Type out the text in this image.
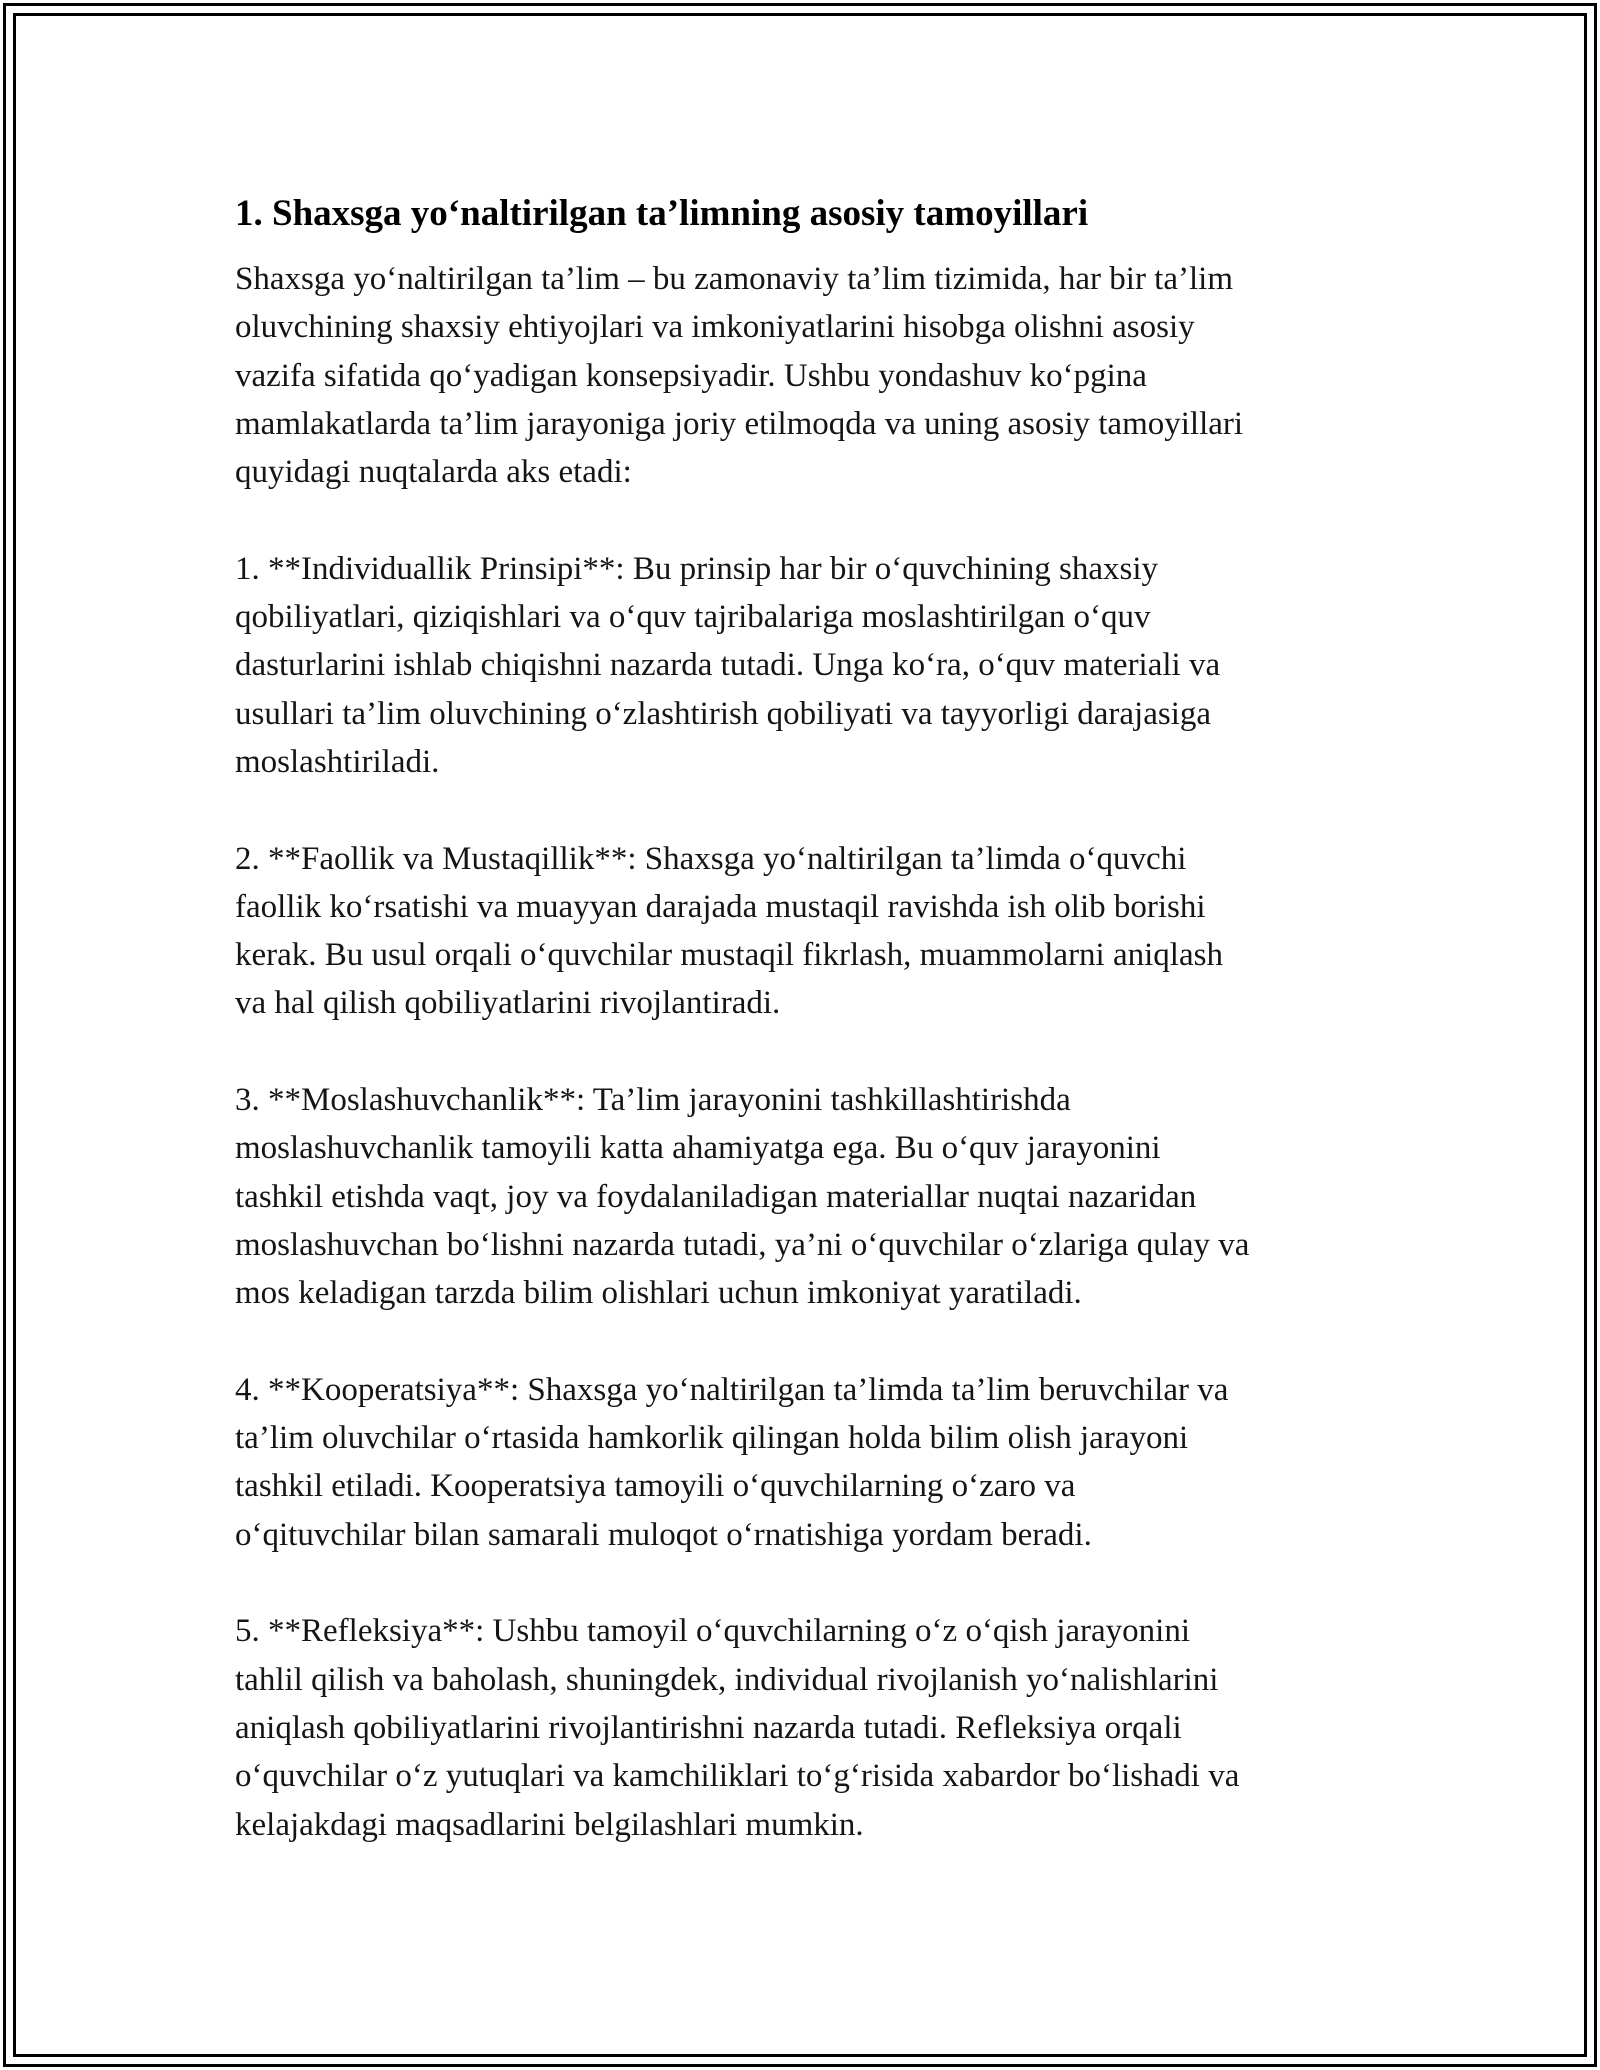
1. Shaxsga yo‘naltirilgan ta’limning asosiy tamoyillari

Shaxsga yo‘naltirilgan ta’lim – bu zamonaviy ta’lim tizimida, har bir ta’lim
oluvchining shaxsiy ehtiyojlari va imkoniyatlarini hisobga olishni asosiy
vazifa sifatida qo‘yadigan konsepsiyadir. Ushbu yondashuv ko‘pgina
mamlakatlarda ta’lim jarayoniga joriy etilmoqda va uning asosiy tamoyillari
quyidagi nuqtalarda aks etadi:

1. **Individuallik Prinsipi**: Bu prinsip har bir o‘quvchining shaxsiy
qobiliyatlari, qiziqishlari va o‘quv tajribalariga moslashtirilgan o‘quv
dasturlarini ishlab chiqishni nazarda tutadi. Unga ko‘ra, o‘quv materiali va
usullari ta’lim oluvchining o‘zlashtirish qobiliyati va tayyorligi darajasiga
moslashtiriladi.

2. **Faollik va Mustaqillik**: Shaxsga yo‘naltirilgan ta’limda o‘quvchi
faollik ko‘rsatishi va muayyan darajada mustaqil ravishda ish olib borishi
kerak. Bu usul orqali o‘quvchilar mustaqil fikrlash, muammolarni aniqlash
va hal qilish qobiliyatlarini rivojlantiradi.

3. **Moslashuvchanlik**: Ta’lim jarayonini tashkillashtirishda
moslashuvchanlik tamoyili katta ahamiyatga ega. Bu o‘quv jarayonini
tashkil etishda vaqt, joy va foydalaniladigan materiallar nuqtai nazaridan
moslashuvchan bo‘lishni nazarda tutadi, ya’ni o‘quvchilar o‘zlariga qulay va
mos keladigan tarzda bilim olishlari uchun imkoniyat yaratiladi.

4. **Kooperatsiya**: Shaxsga yo‘naltirilgan ta’limda ta’lim beruvchilar va
ta’lim oluvchilar o‘rtasida hamkorlik qilingan holda bilim olish jarayoni
tashkil etiladi. Kooperatsiya tamoyili o‘quvchilarning o‘zaro va
o‘qituvchilar bilan samarali muloqot o‘rnatishiga yordam beradi.

5. **Refleksiya**: Ushbu tamoyil o‘quvchilarning o‘z o‘qish jarayonini
tahlil qilish va baholash, shuningdek, individual rivojlanish yo‘nalishlarini
aniqlash qobiliyatlarini rivojlantirishni nazarda tutadi. Refleksiya orqali
o‘quvchilar o‘z yutuqlari va kamchiliklari to‘g‘risida xabardor bo‘lishadi va
kelajakdagi maqsadlarini belgilashlari mumkin.
